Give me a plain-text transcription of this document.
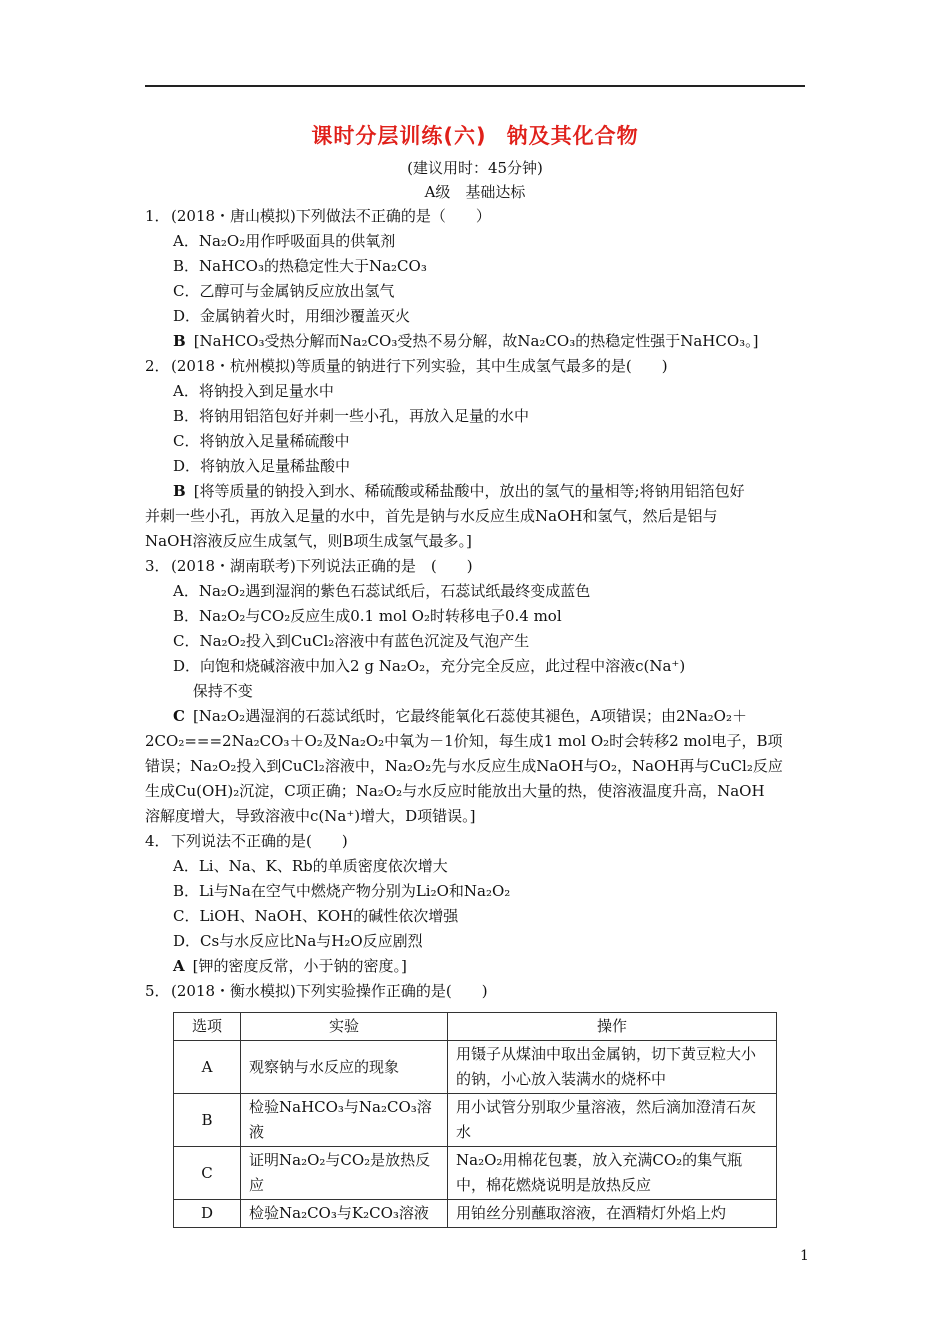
课时分层训练(六) 钠及其化合物
(建议用时：45分钟)
A级　基础达标
1．(2018・唐山模拟)下列做法不正确的是（　　）
A．Na₂O₂用作呼吸面具的供氧剂
B．NaHCO₃的热稳定性大于Na₂CO₃
C．乙醇可与金属钠反应放出氢气
D．金属钠着火时，用细沙覆盖灭火
B [NaHCO₃受热分解而Na₂CO₃受热不易分解，故Na₂CO₃的热稳定性强于NaHCO₃。]
2．(2018・杭州模拟)等质量的钠进行下列实验，其中生成氢气最多的是(　　)
A．将钠投入到足量水中
B．将钠用铝箔包好并刺一些小孔，再放入足量的水中
C．将钠放入足量稀硫酸中
D．将钠放入足量稀盐酸中
B [将等质量的钠投入到水、稀硫酸或稀盐酸中，放出的氢气的量相等;将钠用铝箔包好
并刺一些小孔，再放入足量的水中，首先是钠与水反应生成NaOH和氢气，然后是铝与
NaOH溶液反应生成氢气，则B项生成氢气最多。]
3．(2018・湖南联考)下列说法正确的是　(　　)
A．Na₂O₂遇到湿润的紫色石蕊试纸后，石蕊试纸最终变成蓝色
B．Na₂O₂与CO₂反应生成0.1 mol O₂时转移电子0.4 mol
C．Na₂O₂投入到CuCl₂溶液中有蓝色沉淀及气泡产生
D．向饱和烧碱溶液中加入2 g Na₂O₂，充分完全反应，此过程中溶液c(Na⁺)
　 保持不变
C [Na₂O₂遇湿润的石蕊试纸时，它最终能氧化石蕊使其褪色，A项错误；由2Na₂O₂＋
2CO₂===2Na₂CO₃＋O₂及Na₂O₂中氧为－1价知，每生成1 mol O₂时会转移2 mol电子，B项
错误；Na₂O₂投入到CuCl₂溶液中，Na₂O₂先与水反应生成NaOH与O₂，NaOH再与CuCl₂反应
生成Cu(OH)₂沉淀，C项正确；Na₂O₂与水反应时能放出大量的热，使溶液温度升高，NaOH
溶解度增大，导致溶液中c(Na⁺)增大，D项错误。]
4．下列说法不正确的是(　　)
A．Li、Na、K、Rb的单质密度依次增大
B．Li与Na在空气中燃烧产物分别为Li₂O和Na₂O₂
C．LiOH、NaOH、KOH的碱性依次增强
D．Cs与水反应比Na与H₂O反应剧烈
A [钾的密度反常，小于钠的密度。]
5．(2018・衡水模拟)下列实验操作正确的是(　　)
选项	实验	操作
A	观察钠与水反应的现象	用镊子从煤油中取出金属钠，切下黄豆粒大小的钠，小心放入装满水的烧杯中
B	检验NaHCO₃与Na₂CO₃溶液	用小试管分别取少量溶液，然后滴加澄清石灰水
C	证明Na₂O₂与CO₂是放热反应	Na₂O₂用棉花包裹，放入充满CO₂的集气瓶中，棉花燃烧说明是放热反应
D	检验Na₂CO₃与K₂CO₃溶液	用铂丝分别蘸取溶液，在酒精灯外焰上灼
1
